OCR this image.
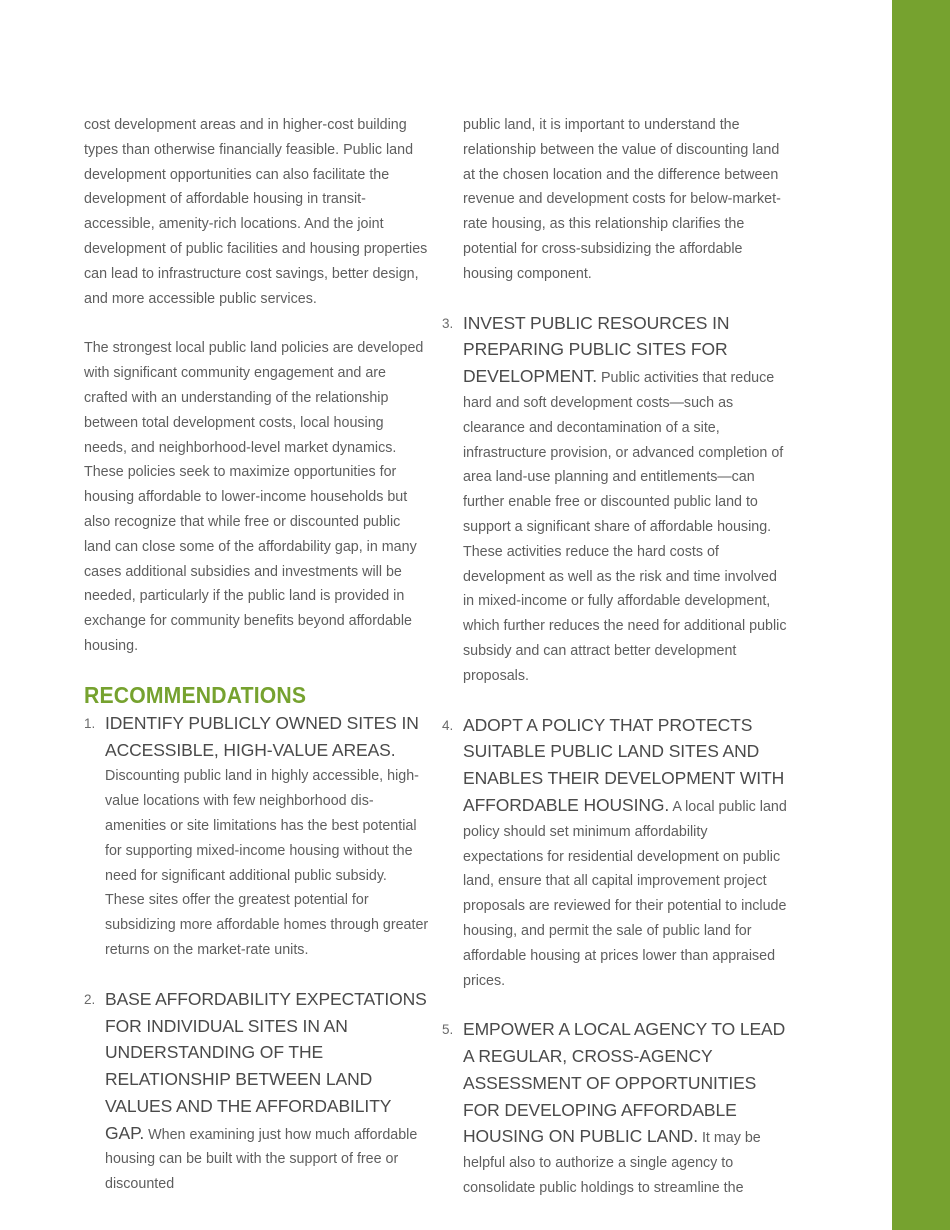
cost development areas and in higher-cost building types than otherwise financially feasible. Public land development opportunities can also facilitate the development of affordable housing in transit-accessible, amenity-rich locations. And the joint development of public facilities and housing properties can lead to infrastructure cost savings, better design, and more accessible public services.

The strongest local public land policies are developed with significant community engagement and are crafted with an understanding of the relationship between total development costs, local housing needs, and neighborhood-level market dynamics. These policies seek to maximize opportunities for housing affordable to lower-income households but also recognize that while free or discounted public land can close some of the affordability gap, in many cases additional subsidies and investments will be needed, particularly if the public land is provided in exchange for community benefits beyond affordable housing.

RECOMMENDATIONS
1. IDENTIFY PUBLICLY OWNED SITES IN ACCESSIBLE, HIGH-VALUE AREAS. Discounting public land in highly accessible, high-value locations with few neighborhood dis-amenities or site limitations has the best potential for supporting mixed-income housing without the need for significant additional public subsidy. These sites offer the greatest potential for subsidizing more affordable homes through greater returns on the market-rate units.
2. BASE AFFORDABILITY EXPECTATIONS FOR INDIVIDUAL SITES IN AN UNDERSTANDING OF THE RELATIONSHIP BETWEEN LAND VALUES AND THE AFFORDABILITY GAP. When examining just how much affordable housing can be built with the support of free or discounted

public land, it is important to understand the relationship between the value of discounting land at the chosen location and the difference between revenue and development costs for below-market-rate housing, as this relationship clarifies the potential for cross-subsidizing the affordable housing component.

3. INVEST PUBLIC RESOURCES IN PREPARING PUBLIC SITES FOR DEVELOPMENT. Public activities that reduce hard and soft development costs—such as clearance and decontamination of a site, infrastructure provision, or advanced completion of area land-use planning and entitlements—can further enable free or discounted public land to support a significant share of affordable housing. These activities reduce the hard costs of development as well as the risk and time involved in mixed-income or fully affordable development, which further reduces the need for additional public subsidy and can attract better development proposals.
4. ADOPT A POLICY THAT PROTECTS SUITABLE PUBLIC LAND SITES AND ENABLES THEIR DEVELOPMENT WITH AFFORDABLE HOUSING. A local public land policy should set minimum affordability expectations for residential development on public land, ensure that all capital improvement project proposals are reviewed for their potential to include housing, and permit the sale of public land for affordable housing at prices lower than appraised prices.
5. EMPOWER A LOCAL AGENCY TO LEAD A REGULAR, CROSS-AGENCY ASSESSMENT OF OPPORTUNITIES FOR DEVELOPING AFFORDABLE HOUSING ON PUBLIC LAND. It may be helpful also to authorize a single agency to consolidate public holdings to streamline the
